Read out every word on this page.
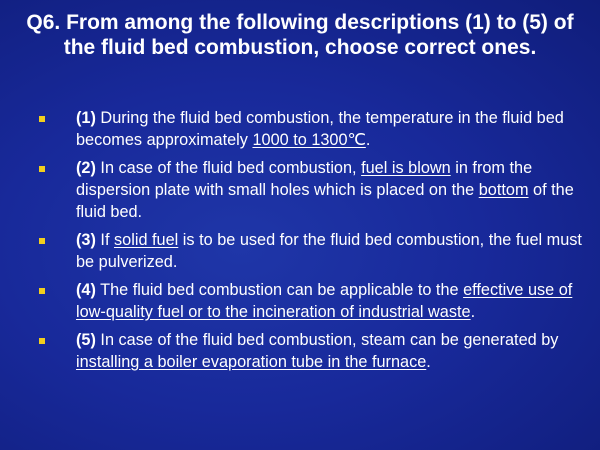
Q6. From among the following descriptions (1) to (5) of the fluid bed combustion, choose correct ones.
(1) During the fluid bed combustion, the temperature in the fluid bed becomes approximately 1000 to 1300℃.
(2) In case of the fluid bed combustion, fuel is blown in from the dispersion plate with small holes which is placed on the bottom of the fluid bed.
(3) If solid fuel is to be used for the fluid bed combustion, the fuel must be pulverized.
(4) The fluid bed combustion can be applicable to the effective use of low-quality fuel or to the incineration of industrial waste.
(5) In case of the fluid bed combustion, steam can be generated by installing a boiler evaporation tube in the furnace.
